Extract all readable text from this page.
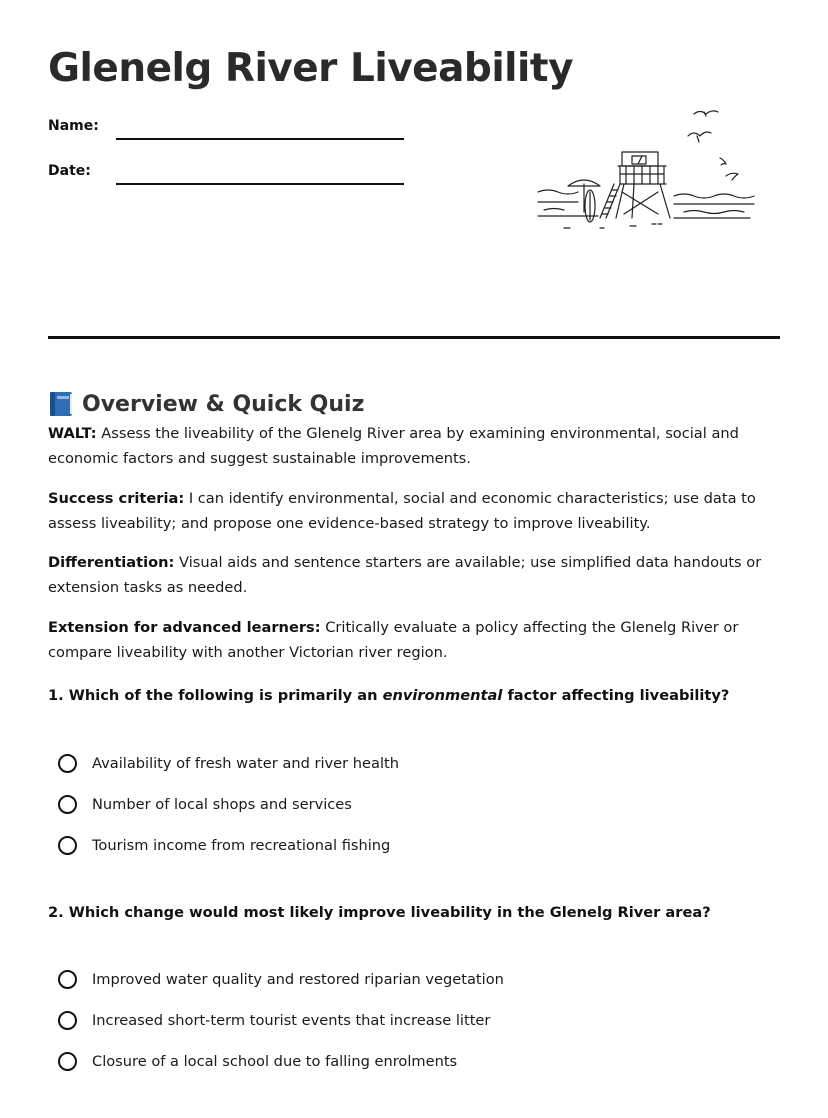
Glenelg River Liveability
Name:
Date:
Overview & Quick Quiz

WALT: Assess the liveability of the Glenelg River area by examining environmental, social and economic factors and suggest sustainable improvements.

Success criteria: I can identify environmental, social and economic characteristics; use data to assess liveability; and propose one evidence-based strategy to improve liveability.

Differentiation: Visual aids and sentence starters are available; use simplified data handouts or extension tasks as needed.

Extension for advanced learners: Critically evaluate a policy affecting the Glenelg River or compare liveability with another Victorian river region.

1. Which of the following is primarily an environmental factor affecting liveability?

Availability of fresh water and river health
Number of local shops and services
Tourism income from recreational fishing

2. Which change would most likely improve liveability in the Glenelg River area?

Improved water quality and restored riparian vegetation
Increased short-term tourist events that increase litter
Closure of a local school due to falling enrolments
